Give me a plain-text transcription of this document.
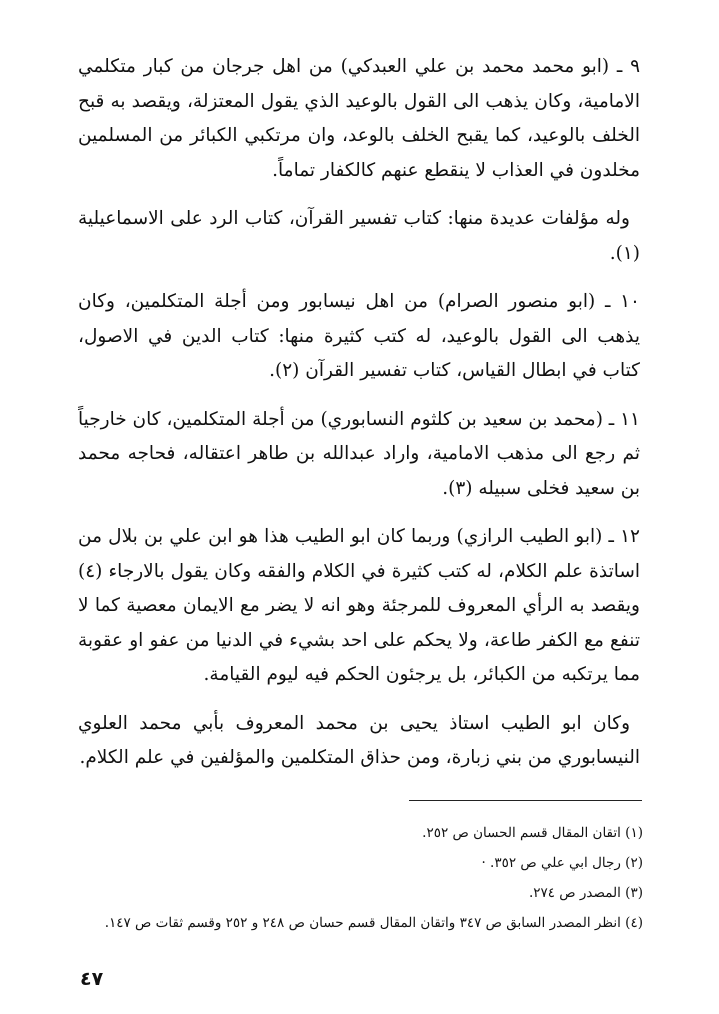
٩ ـ (ابو محمد محمد بن علي العبدكي) من اهل جرجان من كبار متكلمي الامامية، وكان يذهب الى القول بالوعيد الذي يقول المعتزلة، ويقصد به قبح الخلف بالوعيد، كما يقبح الخلف بالوعد، وان مرتكبي الكبائر من المسلمين مخلدون في العذاب لا ينقطع عنهم كالكفار تماماً.

وله مؤلفات عديدة منها: كتاب تفسير القرآن، كتاب الرد على الاسماعيلية (١).

١٠ ـ (ابو منصور الصرام) من اهل نيسابور ومن أجلة المتكلمين، وكان يذهب الى القول بالوعيد، له كتب كثيرة منها: كتاب الدين في الاصول، كتاب في ابطال القياس، كتاب تفسير القرآن (٢).

١١ ـ (محمد بن سعيد بن كلثوم النسابوري) من أجلة المتكلمين، كان خارجياً ثم رجع الى مذهب الامامية، واراد عبدالله بن طاهر اعتقاله، فحاجه محمد بن سعيد فخلى سبيله (٣).

١٢ ـ (ابو الطيب الرازي) وربما كان ابو الطيب هذا هو ابن علي بن بلال من اساتذة علم الكلام، له كتب كثيرة في الكلام والفقه وكان يقول بالارجاء (٤) ويقصد به الرأي المعروف للمرجئة وهو انه لا يضر مع الايمان معصية كما لا تنفع مع الكفر طاعة، ولا يحكم على احد بشيء في الدنيا من عفو او عقوبة مما يرتكبه من الكبائر، بل يرجئون الحكم فيه ليوم القيامة.

وكان ابو الطيب استاذ يحيى بن محمد المعروف بأبي محمد العلوي النيسابوري من بني زبارة، ومن حذاق المتكلمين والمؤلفين في علم الكلام.

(١) اتقان المقال قسم الحسان ص ٢٥٢.

(٢) رجال ابي علي ص ٣٥٢. ·

(٣) المصدر ص ٢٧٤.

(٤) انظر المصدر السابق ص ٣٤٧ واتقان المقال قسم حسان ص ٢٤٨ و ٢٥٢ وقسم ثقات ص ١٤٧.

٤٧
